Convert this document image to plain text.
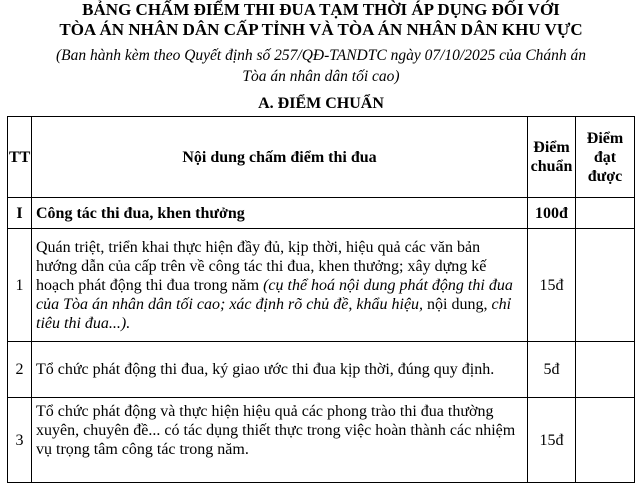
BẢNG CHẤM ĐIỂM THI ĐUA TẠM THỜI ÁP DỤNG ĐỐI VỚI

TÒA ÁN NHÂN DÂN CẤP TỈNH VÀ TÒA ÁN NHÂN DÂN KHU VỰC

(Ban hành kèm theo Quyết định số 257/QĐ-TANDTC ngày 07/10/2025 của Chánh án
Tòa án nhân dân tối cao)

A. ĐIỂM CHUẨN

TT	Nội dung chấm điểm thi đua	Điểm chuẩn	Điểm đạt được
I	Công tác thi đua, khen thưởng	100đ	
1	Quán triệt, triển khai thực hiện đầy đủ, kịp thời, hiệu quả các văn bản hướng dẫn của cấp trên về công tác thi đua, khen thưởng; xây dựng kế hoạch phát động thi đua trong năm (cụ thể hoá nội dung phát động thi đua của Tòa án nhân dân tối cao; xác định rõ chủ đề, khẩu hiệu, nội dung, chỉ tiêu thi đua...).	15đ	
2	Tổ chức phát động thi đua, ký giao ước thi đua kịp thời, đúng quy định.	5đ	
3	Tổ chức phát động và thực hiện hiệu quả các phong trào thi đua thường xuyên, chuyên đề... có tác dụng thiết thực trong việc hoàn thành các nhiệm vụ trọng tâm công tác trong năm.	15đ	
